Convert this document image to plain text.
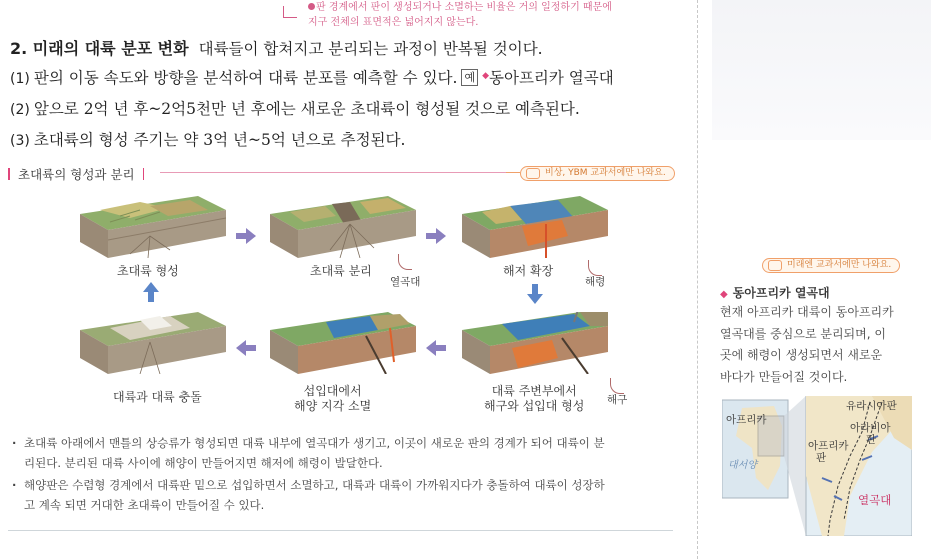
판 경계에서 판이 생성되거나 소멸하는 비율은 거의 일정하기 때문에
지구 전체의 표면적은 넓어지지 않는다.
2. 미래의 대륙 분포 변화 대륙들이 합쳐지고 분리되는 과정이 반복될 것이다.
(1) 판의 이동 속도와 방향을 분석하여 대륙 분포를 예측할 수 있다. 예 ◆동아프리카 열곡대
(2) 앞으로 2억 년 후~2억5천만 년 후에는 새로운 초대륙이 형성될 것으로 예측된다.
(3) 초대륙의 형성 주기는 약 3억 년~5억 년으로 추정된다.
초대륙의 형성과 분리	비상, YBM 교과서에만 나와요.
초대륙 형성	초대륙 분리
열곡대
해저 확장
해령
대륙 주변부에서
해구와 섭입대 형성 해구
섭입대에서
해양 지각 소멸
대륙과 대륙 충돌

· 초대륙 아래에서 맨틀의 상승류가 형성되면 대륙 내부에 열곡대가 생기고, 이곳이 새로운 판의 경계가 되어 대륙이 분
리된다. 분리된 대륙 사이에 해양이 만들어지면 해저에 해령이 발달한다.

· 해양판은 수렴형 경계에서 대륙판 밑으로 섭입하면서 소멸하고, 대륙과 대륙이 가까워지다가 충돌하여 대륙이 성장하
고 계속 되면 거대한 초대륙이 만들어질 수 있다.

미래엔 교과서에만 나와요.
◆ 동아프리카 열곡대
현재 아프리카 대륙이 동아프리카
열곡대를 중심으로 분리되며, 이
곳에 해령이 생성되면서 새로운
바다가 만들어질 것이다.
아프리카
대서양
유라시아판
아라비아
판
아프리카
판
열곡대
